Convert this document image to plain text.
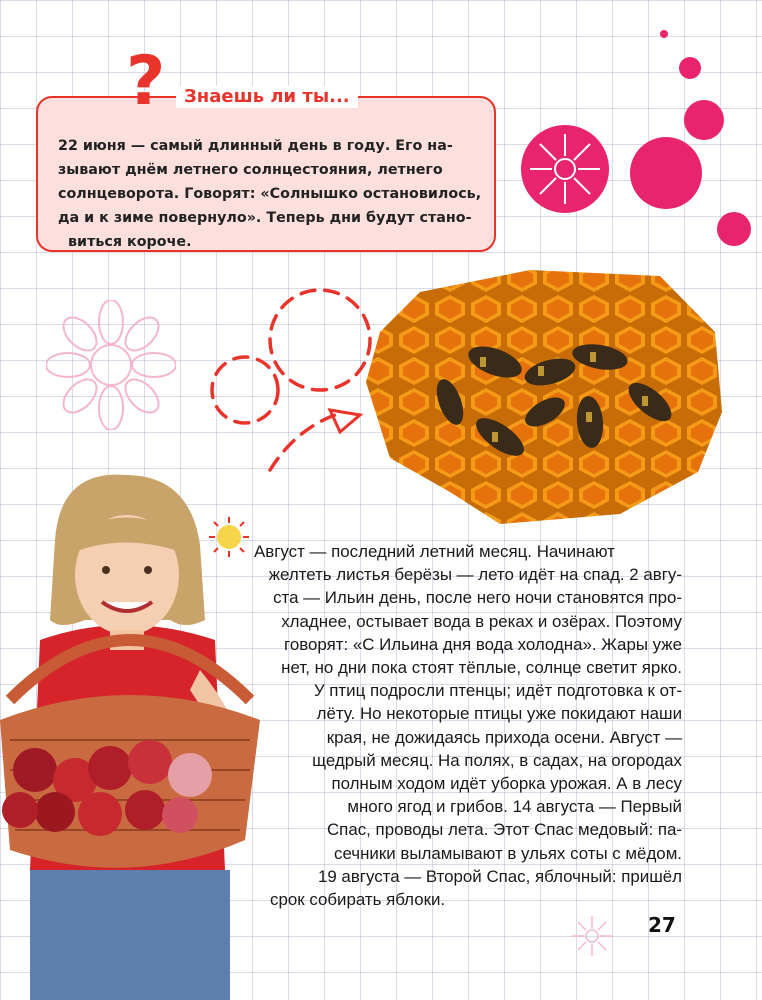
?	Знаешь ли ты...
22 июня — самый длинный день в году. Его на-
зывают днём летнего солнцестояния, летнего
солнцеворота. Говорят: «Солнышко остановилось,
да и к зиме повернуло». Теперь дни будут стано-
виться короче.
Август — последний летний месяц. Начинают
желтеть листья берёзы — лето идёт на спад. 2 авгу-
ста — Ильин день, после него ночи становятся про-
хладнее, остывает вода в реках и озёрах. Поэтому
говорят: «С Ильина дня вода холодна». Жары уже
нет, но дни пока стоят тёплые, солнце светит ярко.
У птиц подросли птенцы; идёт подготовка к от-
лёту. Но некоторые птицы уже покидают наши
края, не дожидаясь прихода осени. Август —
щедрый месяц. На полях, в садах, на огородах
полным ходом идёт уборка урожая. А в лесу
много ягод и грибов. 14 августа — Первый
Спас, проводы лета. Этот Спас медовый: па-
сечники выламывают в ульях соты с мёдом.
19 августа — Второй Спас, яблочный: пришёл
срок собирать яблоки.
27
